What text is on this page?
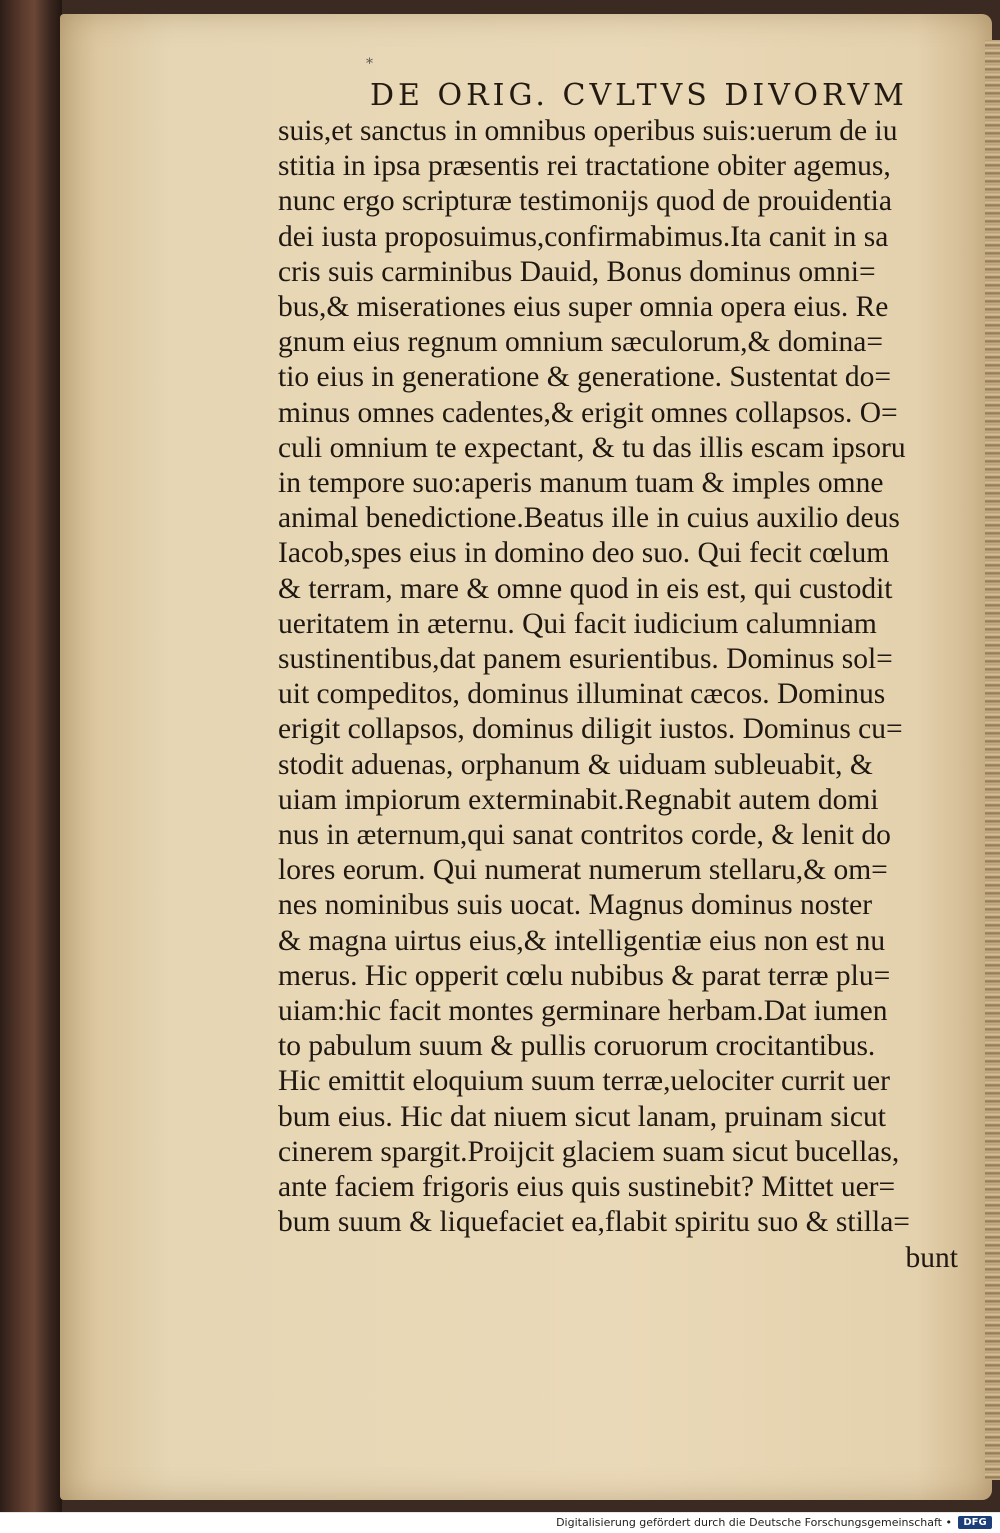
*
DE ORIG. CVLTVS DIVORVM
suis,et sanctus in omnibus operibus suis:uerum de iu
stitia in ipsa præsentis rei tractatione obiter agemus,
nunc ergo scripturæ testimonijs quod de prouidentia
dei iusta proposuimus,confirmabimus.Ita canit in sa
cris suis carminibus Dauid, Bonus dominus omni=
bus,& miserationes eius super omnia opera eius. Re
gnum eius regnum omnium sæculorum,& domina=
tio eius in generatione & generatione. Sustentat do=
minus omnes cadentes,& erigit omnes collapsos. O=
culi omnium te expectant, & tu das illis escam ipsoru
in tempore suo:aperis manum tuam & imples omne
animal benedictione.Beatus ille in cuius auxilio deus
Iacob,spes eius in domino deo suo. Qui fecit cœlum
& terram, mare & omne quod in eis est, qui custodit
ueritatem in æternu. Qui facit iudicium calumniam
sustinentibus,dat panem esurientibus. Dominus sol=
uit compeditos, dominus illuminat cæcos. Dominus
erigit collapsos, dominus diligit iustos. Dominus cu=
stodit aduenas, orphanum & uiduam subleuabit, &
uiam impiorum exterminabit.Regnabit autem domi
nus in æternum,qui sanat contritos corde, & lenit do
lores eorum. Qui numerat numerum stellaru,& om=
nes nominibus suis uocat. Magnus dominus noster
& magna uirtus eius,& intelligentiæ eius non est nu
merus. Hic opperit cœlu nubibus & parat terræ plu=
uiam:hic facit montes germinare herbam.Dat iumen
to pabulum suum & pullis coruorum crocitantibus.
Hic emittit eloquium suum terræ,uelociter currit uer
bum eius. Hic dat niuem sicut lanam, pruinam sicut
cinerem spargit.Proijcit glaciem suam sicut bucellas,
ante faciem frigoris eius quis sustinebit? Mittet uer=
bum suum & liquefaciet ea,flabit spiritu suo & stilla=
bunt
Digitalisierung gefördert durch die Deutsche Forschungsgemeinschaft •	DFG
